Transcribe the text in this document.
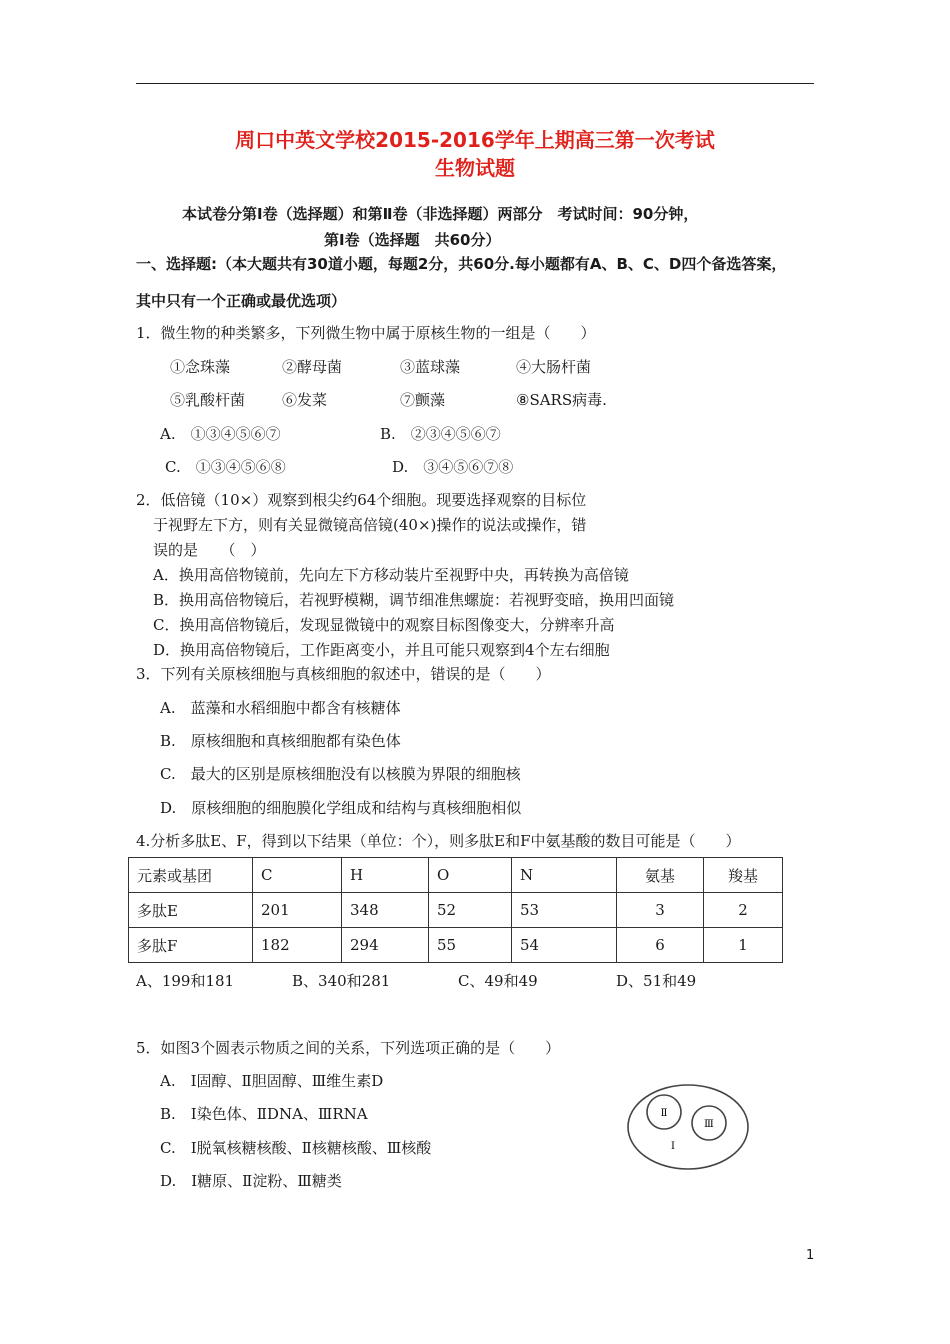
周口中英文学校2015-2016学年上期高三第一次考试
生物试题
本试卷分第Ⅰ卷（选择题）和第Ⅱ卷（非选择题）两部分　考试时间：90分钟，
第Ⅰ卷（选择题　共60分）
一、选择题:（本大题共有30道小题，每题2分，共60分.每小题都有A、B、C、D四个备选答案，
其中只有一个正确或最优选项）
1．微生物的种类繁多，下列微生物中属于原核生物的一组是（　　）
①念珠藻	②酵母菌	③蓝球藻	④大肠杆菌
⑤乳酸杆菌 ⑥发菜	⑦颤藻	⑧SARS病毒.
A.　①③④⑤⑥⑦	B.　②③④⑤⑥⑦
C.　①③④⑤⑥⑧	D.　③④⑤⑥⑦⑧
2．低倍镜（10×）观察到根尖约64个细胞。现要选择观察的目标位
于视野左下方，则有关显微镜高倍镜(40×)操作的说法或操作，错
误的是　　（　）
A．换用高倍物镜前，先向左下方移动装片至视野中央，再转换为高倍镜
B．换用高倍物镜后，若视野模糊，调节细准焦螺旋：若视野变暗，换用凹面镜
C．换用高倍物镜后，发现显微镜中的观察目标图像变大，分辨率升高
D．换用高倍物镜后，工作距离变小，并且可能只观察到4个左右细胞
3．下列有关原核细胞与真核细胞的叙述中，错误的是（　　）
A.　蓝藻和水稻细胞中都含有核糖体
B.　原核细胞和真核细胞都有染色体
C.　最大的区别是原核细胞没有以核膜为界限的细胞核
D.　原核细胞的细胞膜化学组成和结构与真核细胞相似
4.分析多肽E、F，得到以下结果（单位：个），则多肽E和F中氨基酸的数目可能是（　　）
元素或基团	C	H	O	N	氨基	羧基
多肽E	201	348	52	53	3	2
多肽F	182	294	55	54	6	1
A、199和181	B、340和281	C、49和49	D、51和49
5．如图3个圆表示物质之间的关系，下列选项正确的是（　　）
A.　Ⅰ固醇、Ⅱ胆固醇、Ⅲ维生素D
B.　Ⅰ染色体、ⅡDNA、ⅢRNA
C.　Ⅰ脱氧核糖核酸、Ⅱ核糖核酸、Ⅲ核酸
D.　Ⅰ糖原、Ⅱ淀粉、Ⅲ糖类
Ⅱ
Ⅲ
Ⅰ
1
